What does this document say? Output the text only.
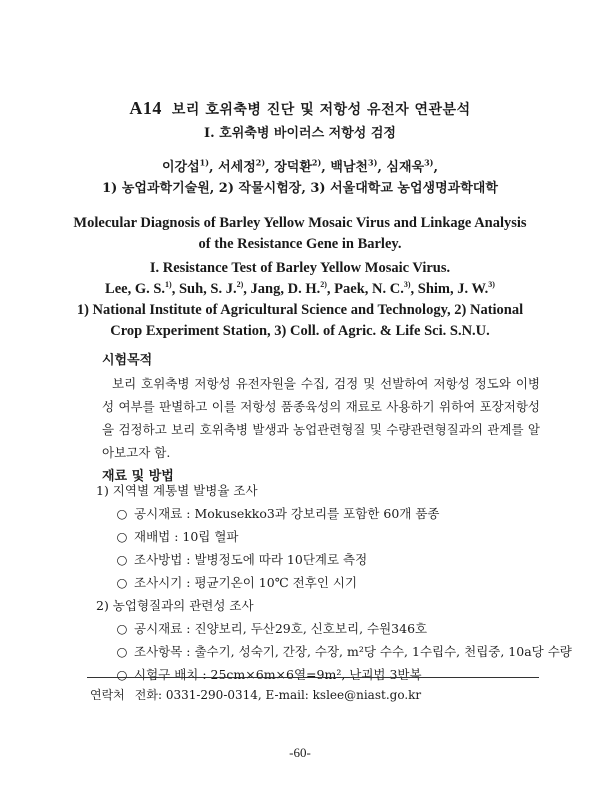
A14 보리 호위축병 진단 및 저항성 유전자 연관분석
I. 호위축병 바이러스 저항성 검정
이강섭$^{1)}$, 서세정$^{2)}$, 장덕환$^{2)}$, 백남천$^{3)}$, 심재욱$^{3)}$,
1) 농업과학기술원, 2) 작물시험장, 3) 서울대학교 농업생명과학대학
Molecular Diagnosis of Barley Yellow Mosaic Virus and Linkage Analysis
of the Resistance Gene in Barley.
I. Resistance Test of Barley Yellow Mosaic Virus.
Lee, G. S.$^{1)}$, Suh, S. J.$^{2)}$, Jang, D. H.$^{2)}$, Paek, N. C.$^{3)}$, Shim, J. W.$^{3)}$
1) National Institute of Agricultural Science and Technology, 2) National
Crop Experiment Station, 3) Coll. of Agric. & Life Sci. S.N.U.
시험목적
보리 호위축병 저항성 유전자원을 수집, 검정 및 선발하여 저항성 정도와 이병성 여부를 판별하고 이를 저항성 품종육성의 재료로 사용하기 위하여 포장저항성을 검정하고 보리 호위축병 발생과 농업관련형질 및 수량관련형질과의 관계를 알아보고자 함.
재료 및 방법
1) 지역별 계통별 발병율 조사
○ 공시재료 : Mokusekko3과 강보리를 포함한 60개 품종
○ 재배법 : 10립 혈파
○ 조사방법 : 발병정도에 따라 10단계로 측정
○ 조사시기 : 평균기온이 10℃ 전후인 시기
2) 농업형질과의 관련성 조사
○ 공시재료 : 진양보리, 두산29호, 신호보리, 수원346호
○ 조사항목 : 출수기, 성숙기, 간장, 수장, m²당 수수, 1수립수, 천립중, 10a당 수량
○ 시험구 배치 : 25cm×6m×6열=9m², 난괴법 3반복
연락처 전화: 0331-290-0314, E-mail: kslee@niast.go.kr
-60-
